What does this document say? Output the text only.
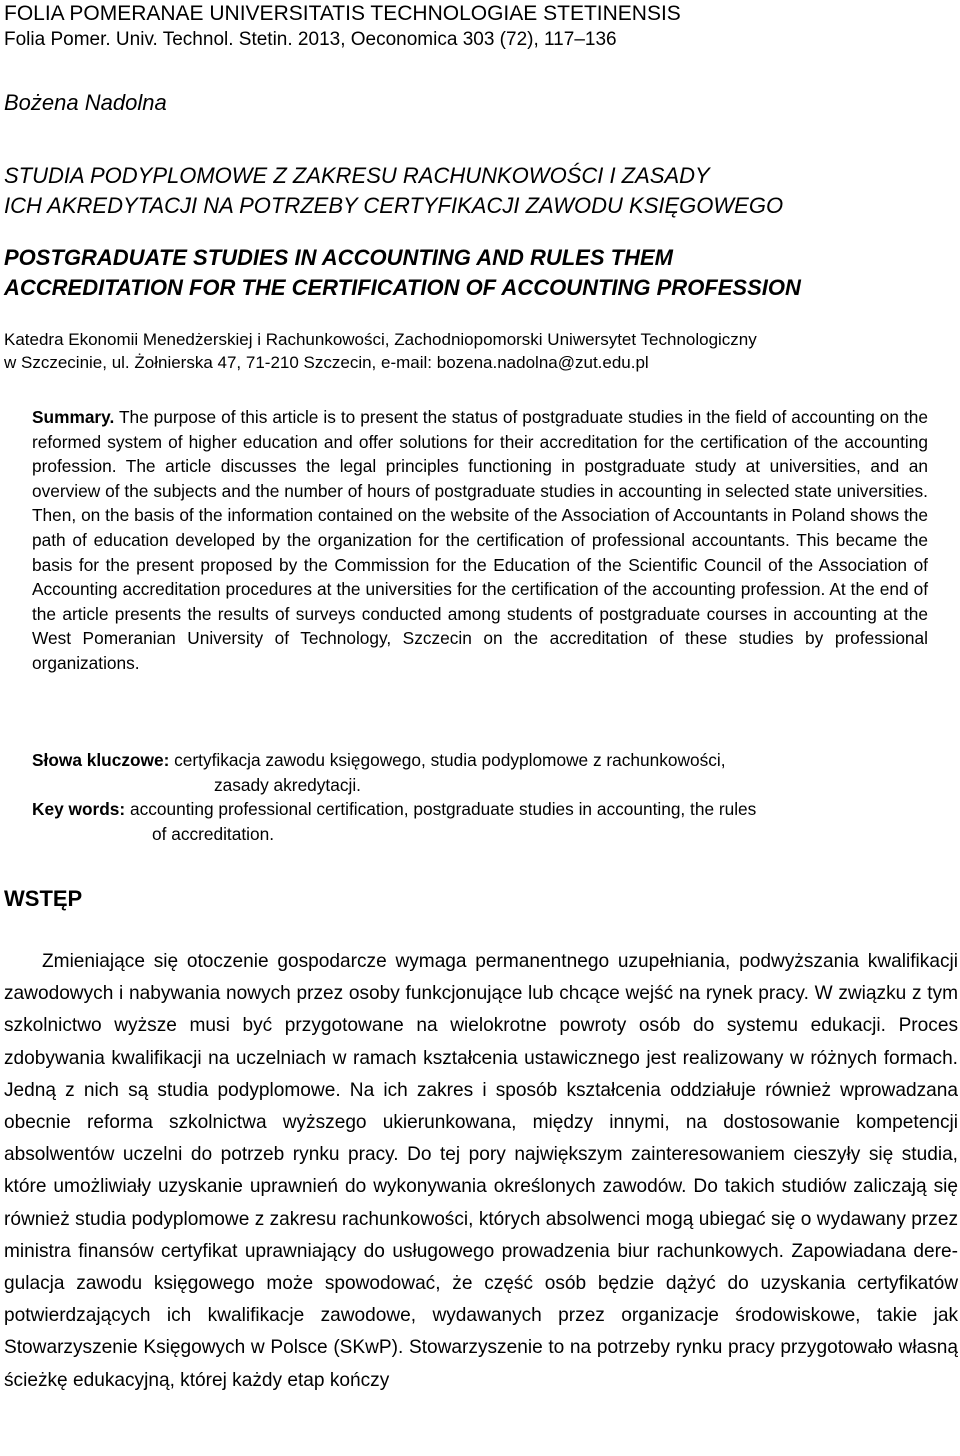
FOLIA POMERANAE UNIVERSITATIS TECHNOLOGIAE STETINENSIS
Folia Pomer. Univ. Technol. Stetin. 2013, Oeconomica 303 (72), 117–136
Bożena Nadolna
STUDIA PODYPLOMOWE Z ZAKRESU RACHUNKOWOŚCI I ZASADY
ICH AKREDYTACJI NA POTRZEBY CERTYFIKACJI ZAWODU KSIĘGOWEGO
POSTGRADUATE STUDIES IN ACCOUNTING AND RULES THEM
ACCREDITATION FOR THE CERTIFICATION OF ACCOUNTING PROFESSION
Katedra Ekonomii Menedżerskiej i Rachunkowości, Zachodniopomorski Uniwersytet Technologiczny
w Szczecinie, ul. Żołnierska 47, 71-210 Szczecin, e-mail: bozena.nadolna@zut.edu.pl
Summary. The purpose of this article is to present the status of postgraduate studies in the field of accounting on the reformed system of higher education and offer solutions for their accreditation for the certification of the accounting profession. The article discusses the legal principles functioning in postgraduate study at universities, and an overview of the subjects and the number of hours of postgraduate studies in accounting in selected state universities. Then, on the basis of the information contained on the website of the Association of Accountants in Poland shows the path of education developed by the organization for the certification of professional accountants. This became the basis for the present proposed by the Commission for the Education of the Scientific Council of the Association of Accounting accreditation procedures at the universities for the certification of the accounting profession. At the end of the article presents the results of surveys conducted among students of postgraduate courses in accounting at the West Pomeranian University of Technology, Szczecin on the accreditation of these studies by professional organizations.
Słowa kluczowe: certyfikacja zawodu księgowego, studia podyplomowe z rachunkowości,
zasady akredytacji.
Key words: accounting professional certification, postgraduate studies in accounting, the rules
of accreditation.
WSTĘP
Zmieniające się otoczenie gospodarcze wymaga permanentnego uzupełniania, podwyższania kwalifikacji zawodowych i nabywania nowych przez osoby funkcjonujące lub chcące wejść na rynek pracy. W związku z tym szkolnictwo wyższe musi być przygotowane na wielokrotne powroty osób do systemu edukacji. Proces zdobywania kwalifikacji na uczelniach w ramach kształcenia ustawicznego jest realizowany w różnych formach. Jedną z nich są studia podyplomowe. Na ich zakres i sposób kształcenia oddziałuje również wprowadzana obecnie reforma szkolnictwa wyższego ukierunkowana, między innymi, na dostosowanie kompetencji absolwentów uczelni do potrzeb rynku pracy. Do tej pory największym zainteresowaniem cieszyły się studia, które umożliwiały uzyskanie uprawnień do wykonywania określonych zawodów. Do takich studiów zaliczają się również studia podyplomowe z zakresu rachunkowości, których absolwenci mogą ubiegać się o wydawany przez ministra finansów certyfikat uprawniający do usługowego prowadzenia biur rachunkowych. Zapowiadana deregulacja zawodu księgowego może spowodować, że część osób będzie dążyć do uzyskania certyfikatów potwierdzających ich kwalifikacje zawodowe, wydawanych przez organizacje środowiskowe, takie jak Stowarzyszenie Księgowych w Polsce (SKwP). Stowarzyszenie to na potrzeby rynku pracy przygotowało własną ścieżkę edukacyjną, której każdy etap kończy
